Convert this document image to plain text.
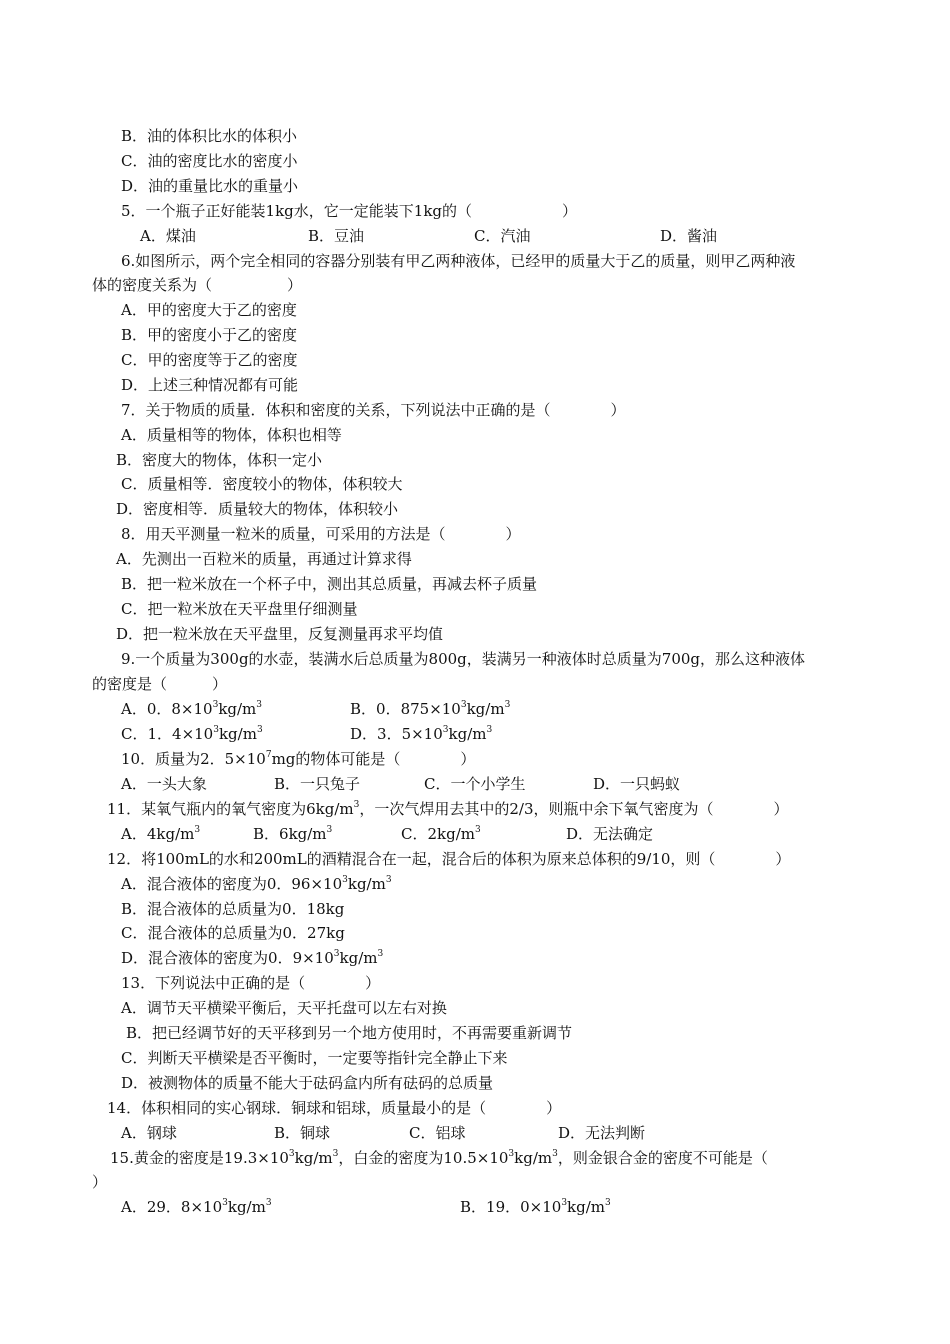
B．油的体积比水的体积小
C．油的密度比水的密度小
D．油的重量比水的重量小
5．一个瓶子正好能装1kg水，它一定能装下1kg的（　　　　　　）

A．煤油

	B．豆油

	C．汽油

	D．酱油

6.如图所示，两个完全相同的容器分别装有甲乙两种液体，已经甲的质量大于乙的质量，则甲乙两种液
体的密度关系为（　　　　　）
A．甲的密度大于乙的密度
B．甲的密度小于乙的密度
C．甲的密度等于乙的密度
D．上述三种情况都有可能
7．关于物质的质量．体积和密度的关系，下列说法中正确的是（　　　　）
A．质量相等的物体，体积也相等
B．密度大的物体，体积一定小
C．质量相等．密度较小的物体，体积较大
D．密度相等．质量较大的物体，体积较小
8．用天平测量一粒米的质量，可采用的方法是（　　　　）
A．先测出一百粒米的质量，再通过计算求得
B．把一粒米放在一个杯子中，测出其总质量，再减去杯子质量
C．把一粒米放在天平盘里仔细测量
D．把一粒米放在天平盘里，反复测量再求平均值
9.一个质量为300g的水壶，装满水后总质量为800g，装满另一种液体时总质量为700g，那么这种液体
的密度是（　　　）

A．0．$8\times 10^3kg/m^3$

	B．0．$875\times 10^3kg/m^3$

C．1．$4\times 10^3kg/m^3$

	D．3．$5\times 10^3kg/m^3$

10．质量为2．$5\times 10^7mg$的物体可能是（　　　　）

A．一头大象

	B．一只兔子

	C．一个小学生

	D．一只蚂蚁

11．某氧气瓶内的氧气密度为$6kg/m^3$，一次气焊用去其中的2/3，则瓶中余下氧气密度为（　　　　）

A．$4kg/m^3$

	B．$6kg/m^3$

	C．$2kg/m^3$

	D．无法确定

12．将100mL的水和200mL的酒精混合在一起，混合后的体积为原来总体积的9/10，则（　　　　）
A．混合液体的密度为0．$96\times 10^3kg/m^3$
B．混合液体的总质量为0．18kg
C．混合液体的总质量为0．27kg
D．混合液体的密度为0．$9\times 10^3kg/m^3$
13．下列说法中正确的是（　　　　）
A．调节天平横梁平衡后，天平托盘可以左右对换
B．把已经调节好的天平移到另一个地方使用时，不再需要重新调节
C．判断天平横梁是否平衡时，一定要等指针完全静止下来
D．被测物体的质量不能大于砝码盒内所有砝码的总质量
14．体积相同的实心钢球．铜球和铝球，质量最小的是（　　　　）

A．钢球

	B．铜球

	C．铝球

	D．无法判断

15.黄金的密度是$19.3\times 10^3kg/m^3$，白金的密度为$10.5\times 10^3kg/m^3$，则金银合金的密度不可能是（
）

A．29．$8\times 10^3kg/m^3$

	B．19．$0\times 10^3kg/m^3$
